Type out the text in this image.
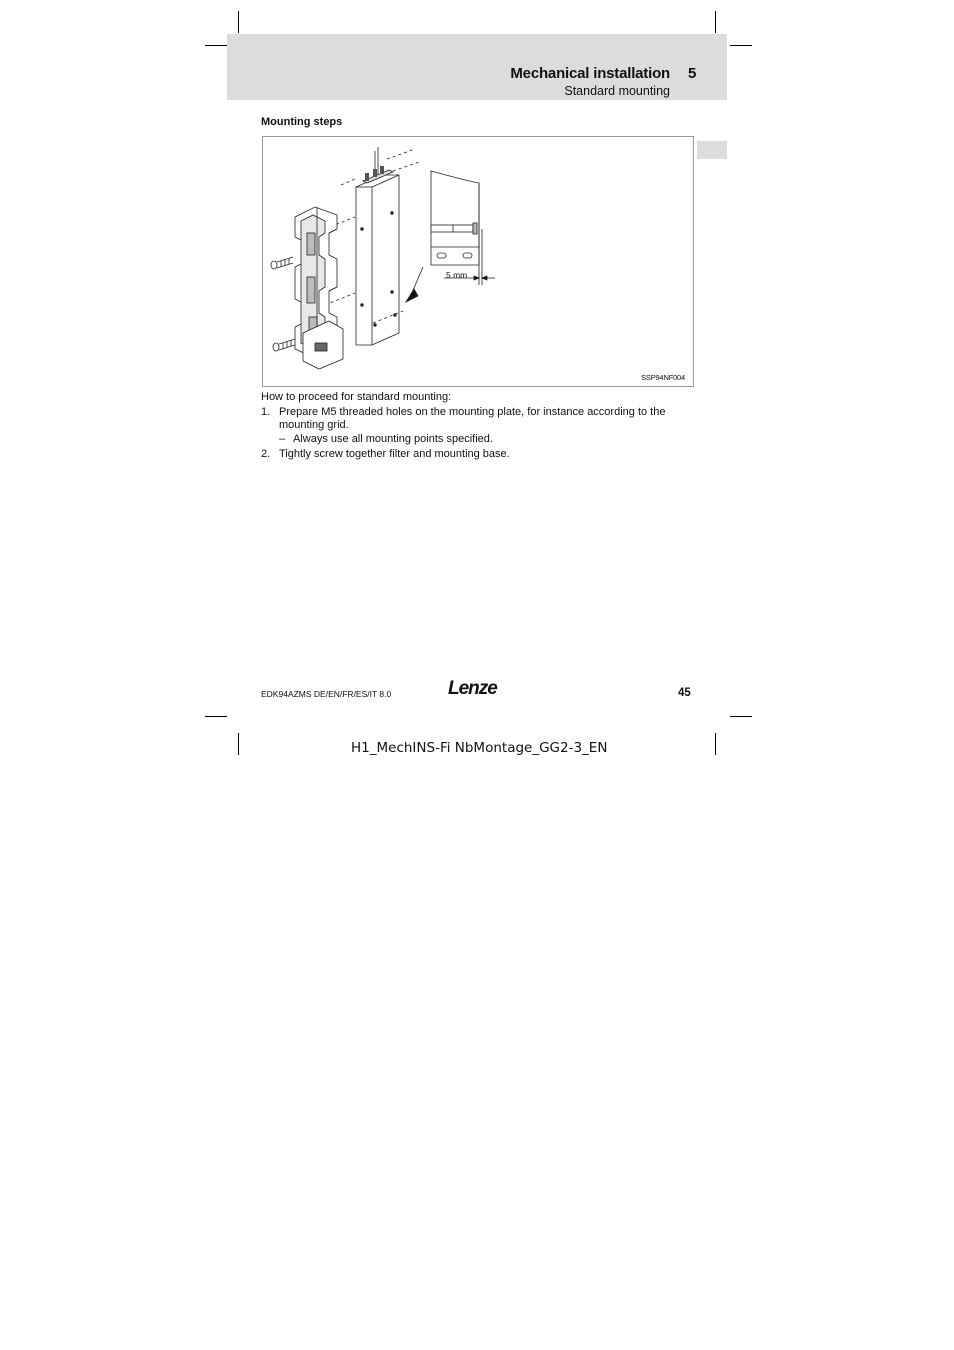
Mechanical installation 5
Standard mounting
Mounting steps
5 mm
SSP94NF004
How to proceed for standard mounting:
1. Prepare M5 threaded holes on the mounting plate, for instance according to the mounting grid.
– Always use all mounting points specified.
2. Tightly screw together filter and mounting base.
EDK94AZMS DE/EN/FR/ES/IT 8.0	Lenze	45
H1_MechINS-Fi NbMontage_GG2-3_EN
